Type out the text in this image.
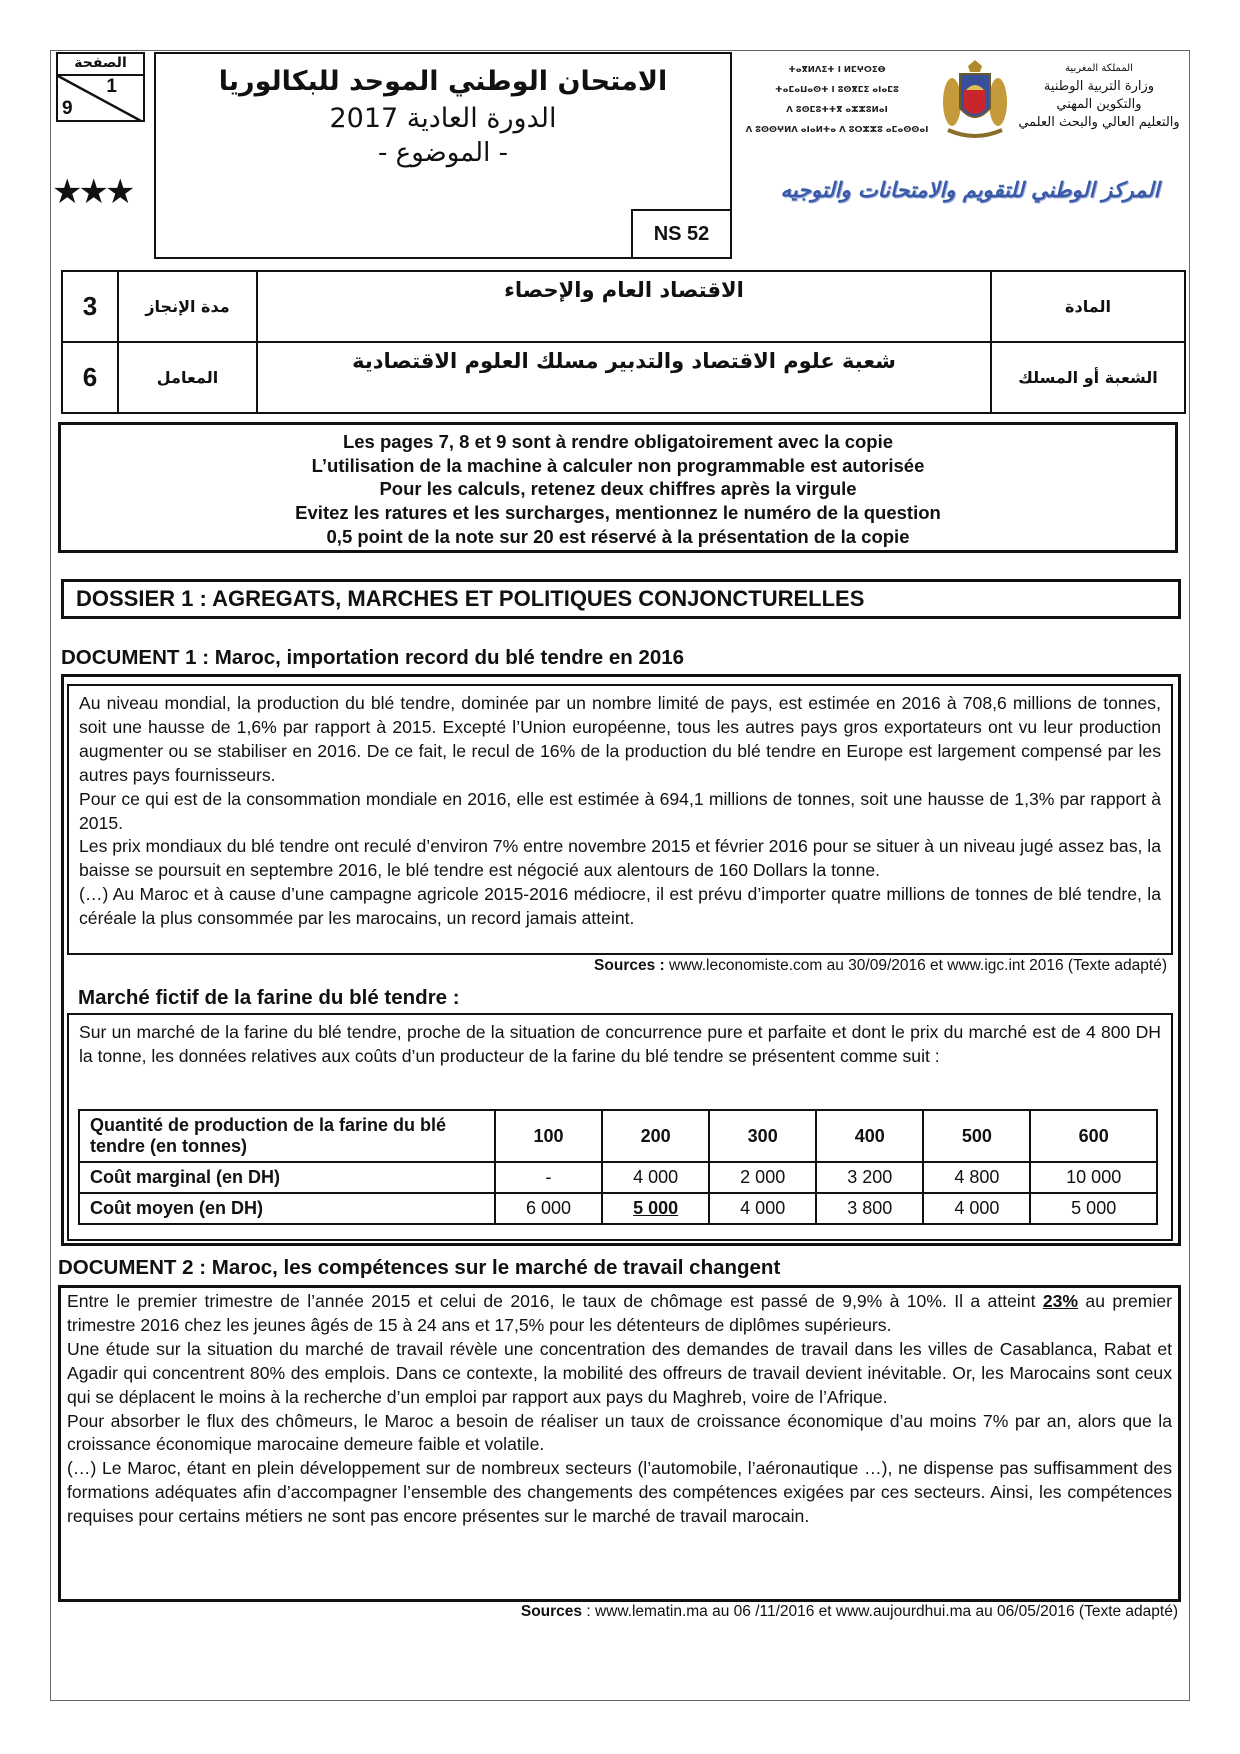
الصفحة
1
9
★★★
الامتحان الوطني الموحد للبكالوريا
الدورة العادية 2017
- الموضوع -
NS 52
ⵜⴰⴳⵍⴷⵉⵜ ⵏ ⵍⵎⵖⵔⵉⴱ
ⵜⴰⵎⴰⵡⴰⵙⵜ ⵏ ⵓⵙⴳⵎⵉ ⴰⵏⴰⵎⵓ
ⴷ ⵓⵙⵎⵓⵜⵜⴳ ⴰⵣⵣⵓⵍⴰⵏ
ⴷ ⵓⵙⵙⵖⵍⴷ ⴰⵏⴰⵍⵜⴰ ⴷ ⵓⵔⵣⵣⵓ ⴰⵎⴰⵙⵙⴰⵏ
المملكة المغربية
وزارة التربية الوطنية
والتكوين المهني
والتعليم العالي والبحث العلمي
المركز الوطني للتقويم والامتحانات والتوجيه
3	مدة الإنجاز	الاقتصاد العام والإحصاء	المادة
6	المعامل	شعبة علوم الاقتصاد والتدبير مسلك العلوم الاقتصادية	الشعبة أو المسلك
Les pages 7, 8 et 9 sont à rendre obligatoirement avec la copie
L’utilisation de la machine à calculer non programmable est autorisée
Pour les calculs, retenez deux chiffres après la virgule
Evitez les ratures et les surcharges, mentionnez le numéro de la question
0,5 point de la note sur 20 est réservé à la présentation de la copie
DOSSIER 1 : AGREGATS, MARCHES ET POLITIQUES CONJONCTURELLES
DOCUMENT 1 : Maroc, importation record du blé tendre en 2016

Au niveau mondial, la production du blé tendre, dominée par un nombre limité de pays, est estimée en 2016 à 708,6 millions de tonnes, soit une hausse de 1,6% par rapport à 2015. Excepté l’Union européenne, tous les autres pays gros exportateurs ont vu leur production augmenter ou se stabiliser en 2016. De ce fait, le recul de 16% de la production du blé tendre en Europe est largement compensé par les autres pays fournisseurs.

Pour ce qui est de la consommation mondiale en 2016, elle est estimée à 694,1 millions de tonnes, soit une hausse de 1,3% par rapport à 2015.

Les prix mondiaux du blé tendre ont reculé d’environ 7% entre novembre 2015 et février 2016 pour se situer à un niveau jugé assez bas, la baisse se poursuit en septembre 2016, le blé tendre est négocié aux alentours de 160 Dollars la tonne.

(…) Au Maroc et à cause d’une campagne agricole 2015-2016 médiocre, il est prévu d’importer quatre millions de tonnes de blé tendre, la céréale la plus consommée par les marocains, un record jamais atteint.

Sources : www.leconomiste.com au 30/09/2016 et www.igc.int 2016 (Texte adapté)
Marché fictif de la farine du blé tendre :

Sur un marché de la farine du blé tendre, proche de la situation de concurrence pure et parfaite et dont le prix du marché est de 4 800 DH la tonne, les données relatives aux coûts d’un producteur de la farine du blé tendre se présentent comme suit :

Quantité de production de la farine du blé tendre (en tonnes)	100	200	300	400	500	600
Coût marginal (en DH)	-	4 000	2 000	3 200	4 800	10 000
Coût moyen (en DH)	6 000	5 000	4 000	3 800	4 000	5 000
DOCUMENT 2 : Maroc, les compétences sur le marché de travail changent

Entre le premier trimestre de l’année 2015 et celui de 2016, le taux de chômage est passé de 9,9% à 10%. Il a atteint 23% au premier trimestre 2016 chez les jeunes âgés de 15 à 24 ans et 17,5% pour les détenteurs de diplômes supérieurs.

Une étude sur la situation du marché de travail révèle une concentration des demandes de travail dans les villes de Casablanca, Rabat et Agadir qui concentrent 80% des emplois. Dans ce contexte, la mobilité des offreurs de travail devient inévitable. Or, les Marocains sont ceux qui se déplacent le moins à la recherche d’un emploi par rapport aux pays du Maghreb, voire de l’Afrique.

Pour absorber le flux des chômeurs, le Maroc a besoin de réaliser un taux de croissance économique d’au moins 7% par an, alors que la croissance économique marocaine demeure faible et volatile.

(…) Le Maroc, étant en plein développement sur de nombreux secteurs (l’automobile, l’aéronautique …), ne dispense pas suffisamment des formations adéquates afin d’accompagner l’ensemble des changements des compétences exigées par ces secteurs. Ainsi, les compétences requises pour certains métiers ne sont pas encore présentes sur le marché de travail marocain.

Sources : www.lematin.ma au 06 /11/2016 et www.aujourdhui.ma au 06/05/2016 (Texte adapté)
